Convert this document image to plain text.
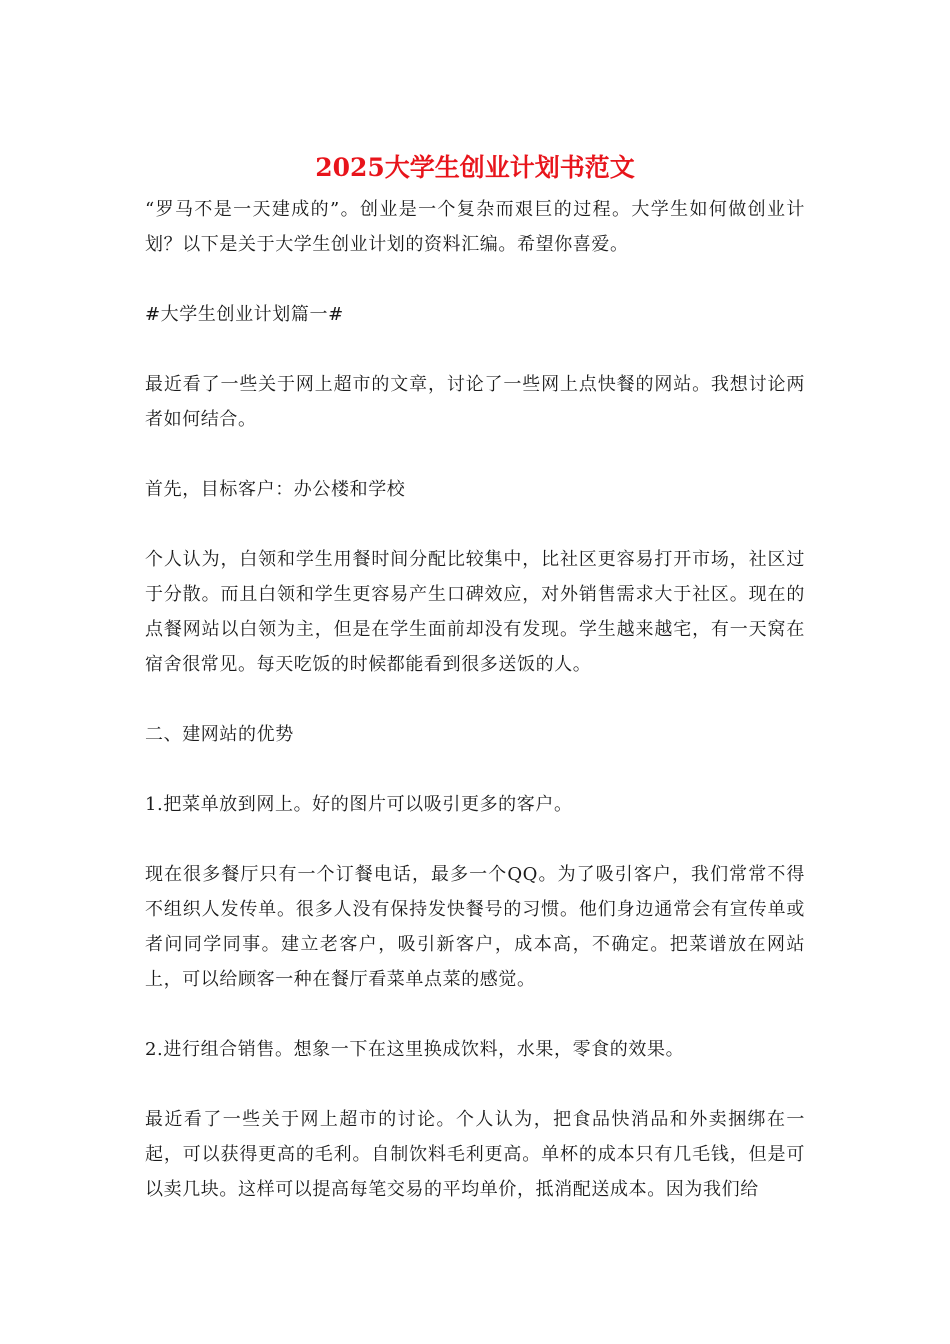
2025大学生创业计划书范文

“罗马不是一天建成的”。创业是一个复杂而艰巨的过程。大学生如何做创业计划？以下是关于大学生创业计划的资料汇编。希望你喜爱。

#大学生创业计划篇一#

最近看了一些关于网上超市的文章，讨论了一些网上点快餐的网站。我想讨论两者如何结合。

首先，目标客户：办公楼和学校

个人认为，白领和学生用餐时间分配比较集中，比社区更容易打开市场，社区过于分散。而且白领和学生更容易产生口碑效应，对外销售需求大于社区。现在的点餐网站以白领为主，但是在学生面前却没有发现。学生越来越宅，有一天窝在宿舍很常见。每天吃饭的时候都能看到很多送饭的人。

二、建网站的优势

1.把菜单放到网上。好的图片可以吸引更多的客户。

现在很多餐厅只有一个订餐电话，最多一个QQ。为了吸引客户，我们常常不得不组织人发传单。很多人没有保持发快餐号的习惯。他们身边通常会有宣传单或者问同学同事。建立老客户，吸引新客户，成本高，不确定。把菜谱放在网站上，可以给顾客一种在餐厅看菜单点菜的感觉。

2.进行组合销售。想象一下在这里换成饮料，水果，零食的效果。

最近看了一些关于网上超市的讨论。个人认为，把食品快消品和外卖捆绑在一起，可以获得更高的毛利。自制饮料毛利更高。单杯的成本只有几毛钱，但是可以卖几块。这样可以提高每笔交易的平均单价，抵消配送成本。因为我们给
